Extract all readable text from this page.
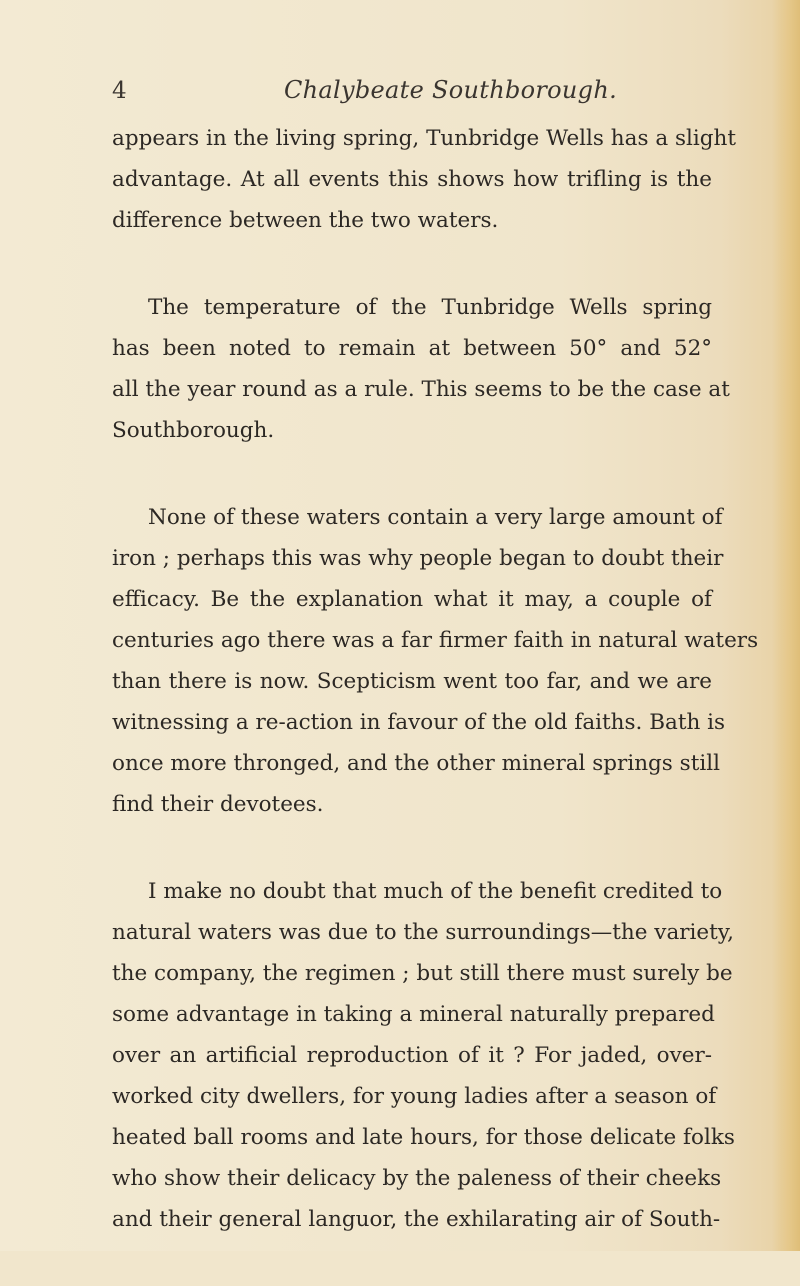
4	Chalybeate Southborough.
appears in the living spring, Tunbridge Wells has a slight
advantage. At all events this shows how trifling is the
difference between the two waters.
The temperature of the Tunbridge Wells spring
has been noted to remain at between 50° and 52°
all the year round as a rule. This seems to be the case at
Southborough.
None of these waters contain a very large amount of
iron ; perhaps this was why people began to doubt their
efficacy. Be the explanation what it may, a couple of
centuries ago there was a far firmer faith in natural waters
than there is now. Scepticism went too far, and we are
witnessing a re-action in favour of the old faiths. Bath is
once more thronged, and the other mineral springs still
find their devotees.
I make no doubt that much of the benefit credited to
natural waters was due to the surroundings—the variety,
the company, the regimen ; but still there must surely be
some advantage in taking a mineral naturally prepared
over an artificial reproduction of it ? For jaded, over-
worked city dwellers, for young ladies after a season of
heated ball rooms and late hours, for those delicate folks
who show their delicacy by the paleness of their cheeks
and their general languor, the exhilarating air of South-
